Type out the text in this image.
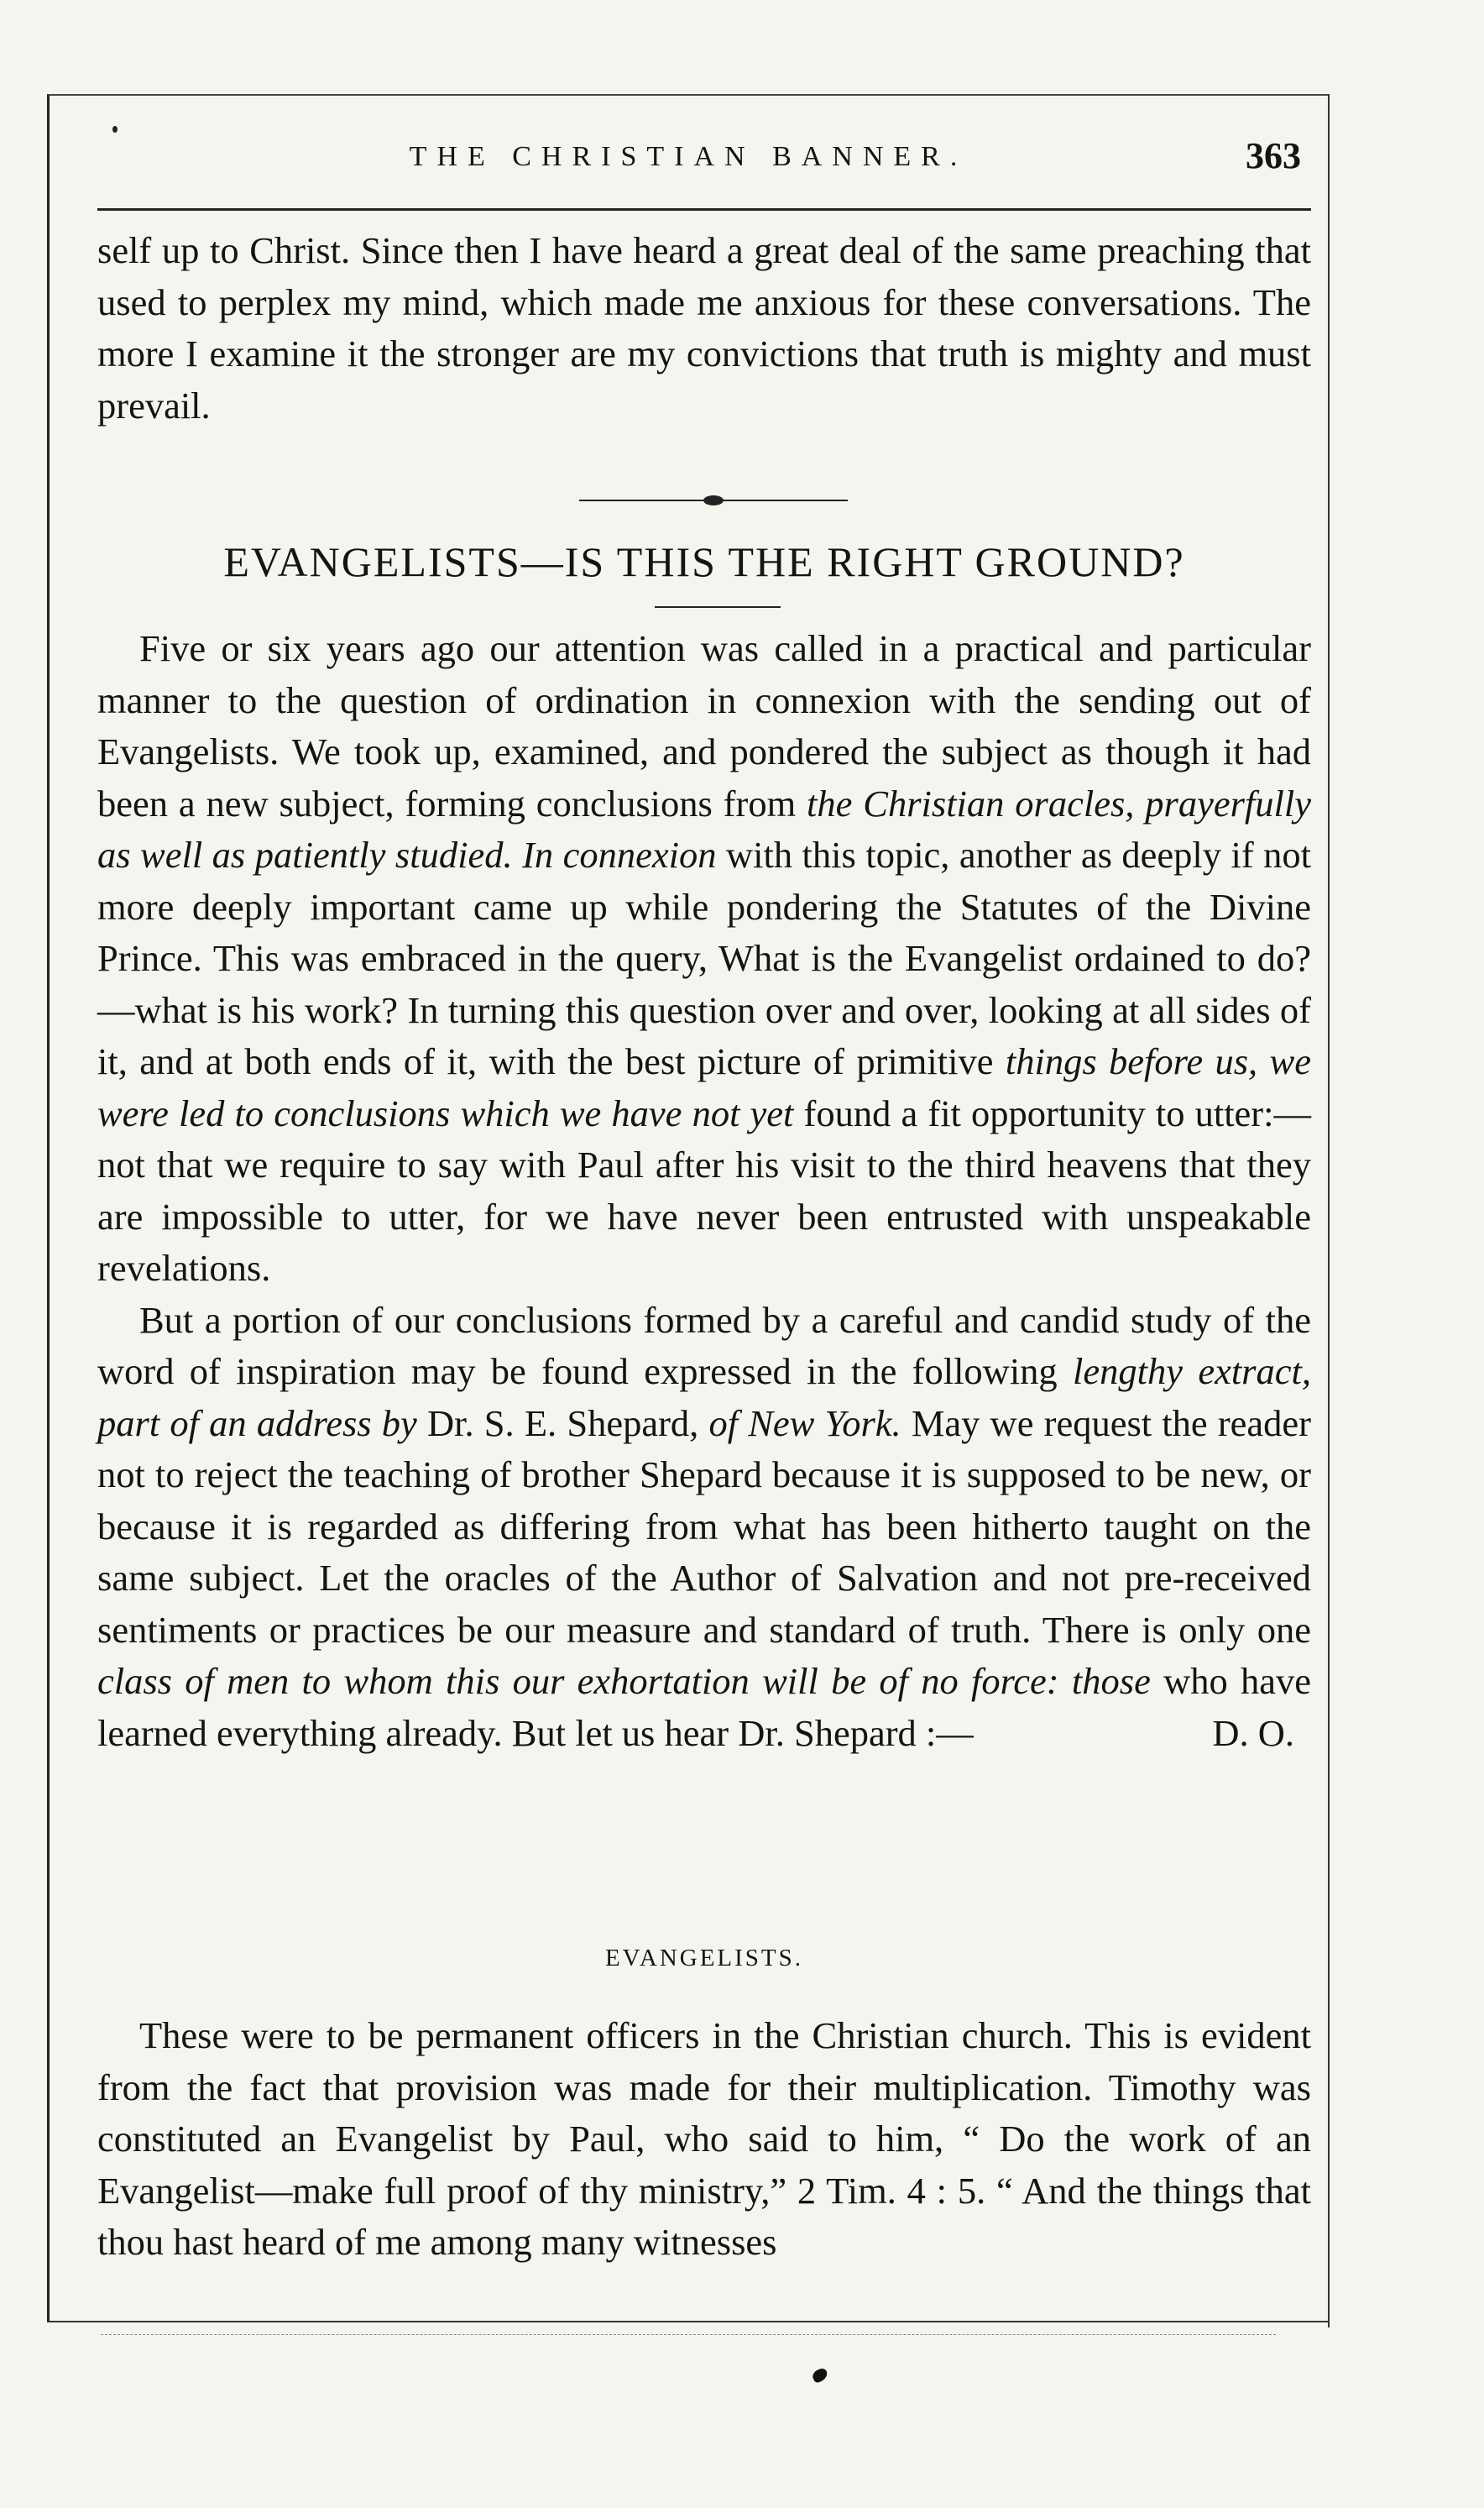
THE CHRISTIAN BANNER.	363

self up to Christ. Since then I have heard a great deal of the same preaching that used to perplex my mind, which made me anxious for these conversations. The more I examine it the stronger are my convictions that truth is mighty and must prevail.

EVANGELISTS—IS THIS THE RIGHT GROUND?

Five or six years ago our attention was called in a practical and particular manner to the question of ordination in connexion with the sending out of Evangelists. We took up, examined, and pondered the subject as though it had been a new subject, forming conclusions from the Christian oracles, prayerfully as well as patiently studied. In connexion with this topic, another as deeply if not more deeply important came up while pondering the Statutes of the Divine Prince. This was embraced in the query, What is the Evangelist ordained to do?—what is his work? In turning this question over and over, looking at all sides of it, and at both ends of it, with the best picture of primitive things before us, we were led to conclusions which we have not yet found a fit opportunity to utter:—not that we require to say with Paul after his visit to the third heavens that they are impossible to utter, for we have never been entrusted with unspeakable revelations.

But a portion of our conclusions formed by a careful and candid study of the word of inspiration may be found expressed in the following lengthy extract, part of an address by Dr. S. E. Shepard, of New York. May we request the reader not to reject the teaching of brother Shepard because it is supposed to be new, or because it is regarded as differing from what has been hitherto taught on the same subject. Let the oracles of the Author of Salvation and not pre-received sentiments or practices be our measure and standard of truth. There is only one class of men to whom this our exhortation will be of no force: those who have learned everything already. But let us hear Dr. Shepard :—	D. O.

EVANGELISTS.

These were to be permanent officers in the Christian church. This is evident from the fact that provision was made for their multiplication. Timothy was constituted an Evangelist by Paul, who said to him, “ Do the work of an Evangelist—make full proof of thy ministry,” 2 Tim. 4 : 5. “ And the things that thou hast heard of me among many witnesses
